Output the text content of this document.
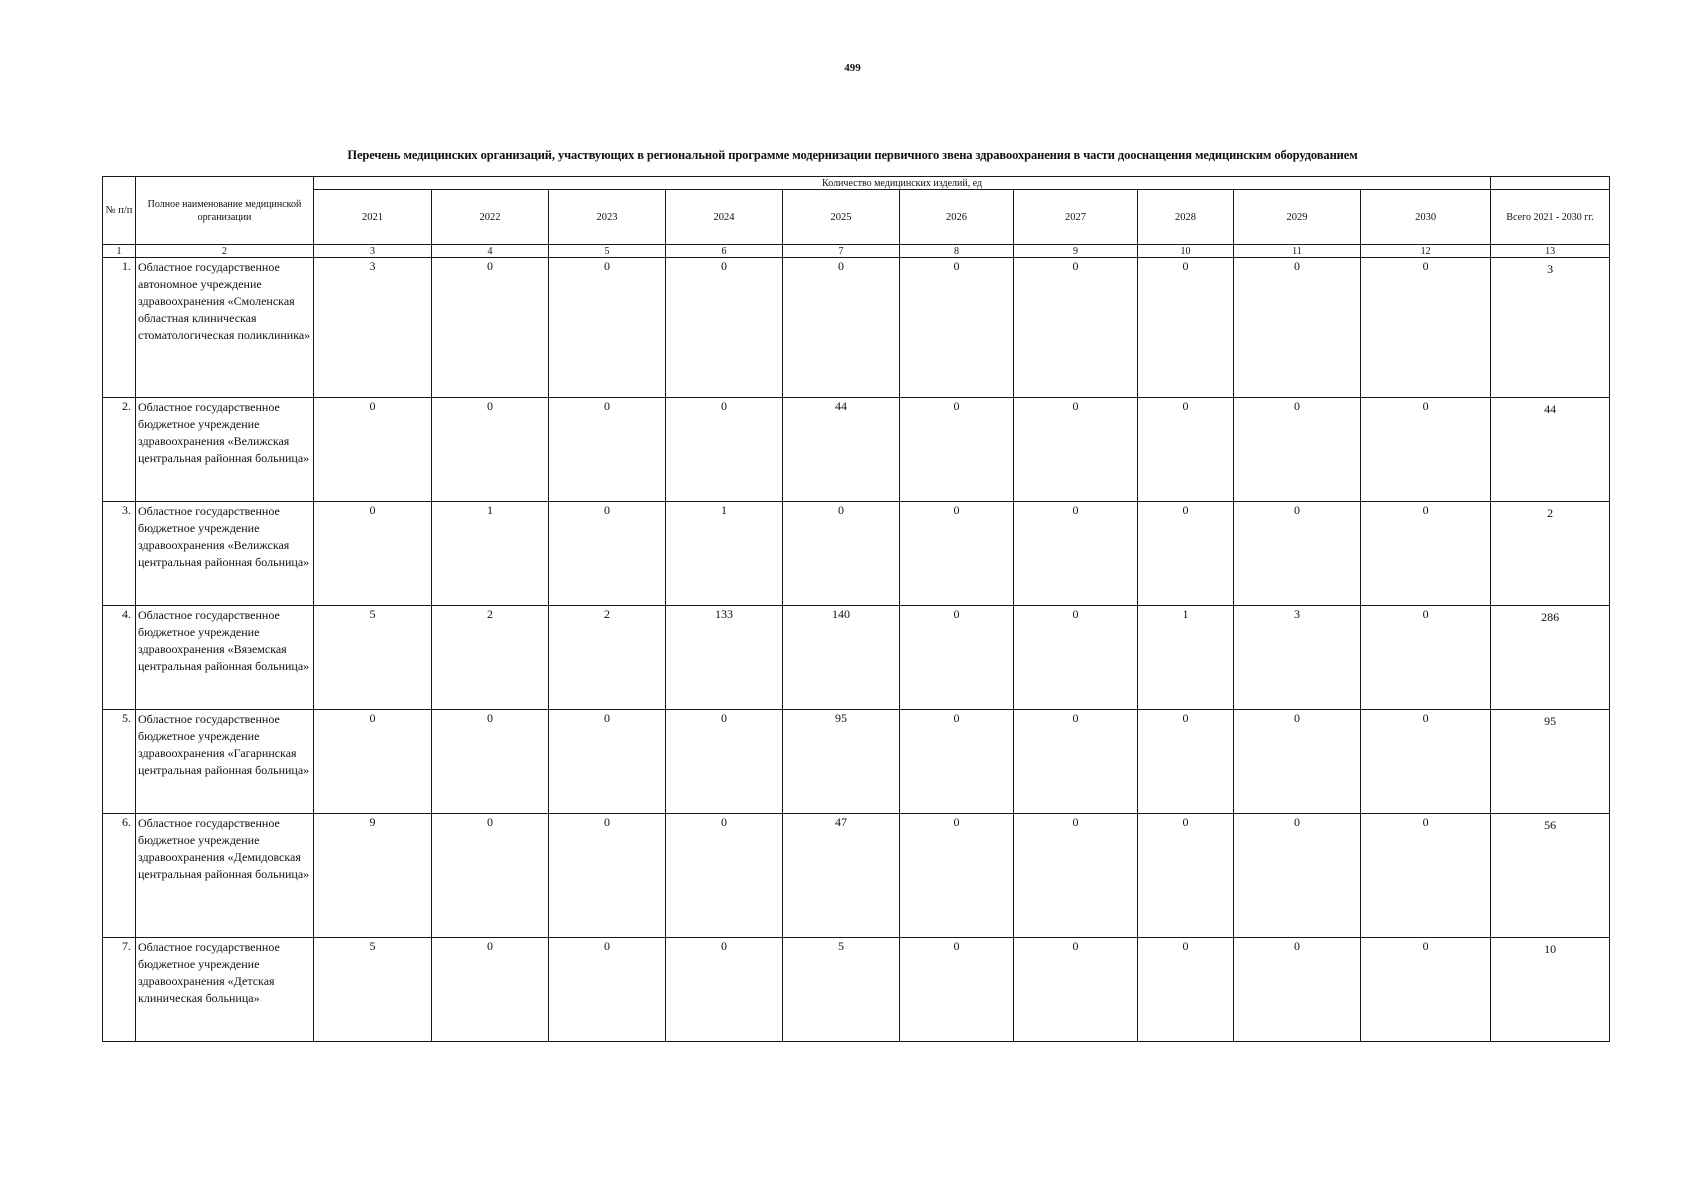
499
Перечень медицинских организаций, участвующих в региональной программе модернизации первичного звена здравоохранения в части дооснащения медицинским оборудованием
№ п/п	Полное наименование медицинской организации	Количество медицинских изделий, ед										
		2021	2022	2023	2024	2025	2026	2027	2028	2029	2030	Всего 2021 - 2030 гг.
1	2	3	4	5	6	7	8	9	10	11	12	13
1.	Областное государственное автономное учреждение здравоохранения «Смоленская областная клиническая стоматологическая поликлиника»	3	0	0	0	0	0	0	0	0	0	3
2.	Областное государственное бюджетное учреждение здравоохранения «Велижская центральная районная больница»	0	0	0	0	44	0	0	0	0	0	44
3.	Областное государственное бюджетное учреждение здравоохранения «Велижская центральная районная больница»	0	1	0	1	0	0	0	0	0	0	2
4.	Областное государственное бюджетное учреждение здравоохранения «Вяземская центральная районная больница»	5	2	2	133	140	0	0	1	3	0	286
5.	Областное государственное бюджетное учреждение здравоохранения «Гагаринская центральная районная больница»	0	0	0	0	95	0	0	0	0	0	95
6.	Областное государственное бюджетное учреждение здравоохранения «Демидовская центральная районная больница»	9	0	0	0	47	0	0	0	0	0	56
7.	Областное государственное бюджетное учреждение здравоохранения «Детская клиническая больница»	5	0	0	0	5	0	0	0	0	0	10
